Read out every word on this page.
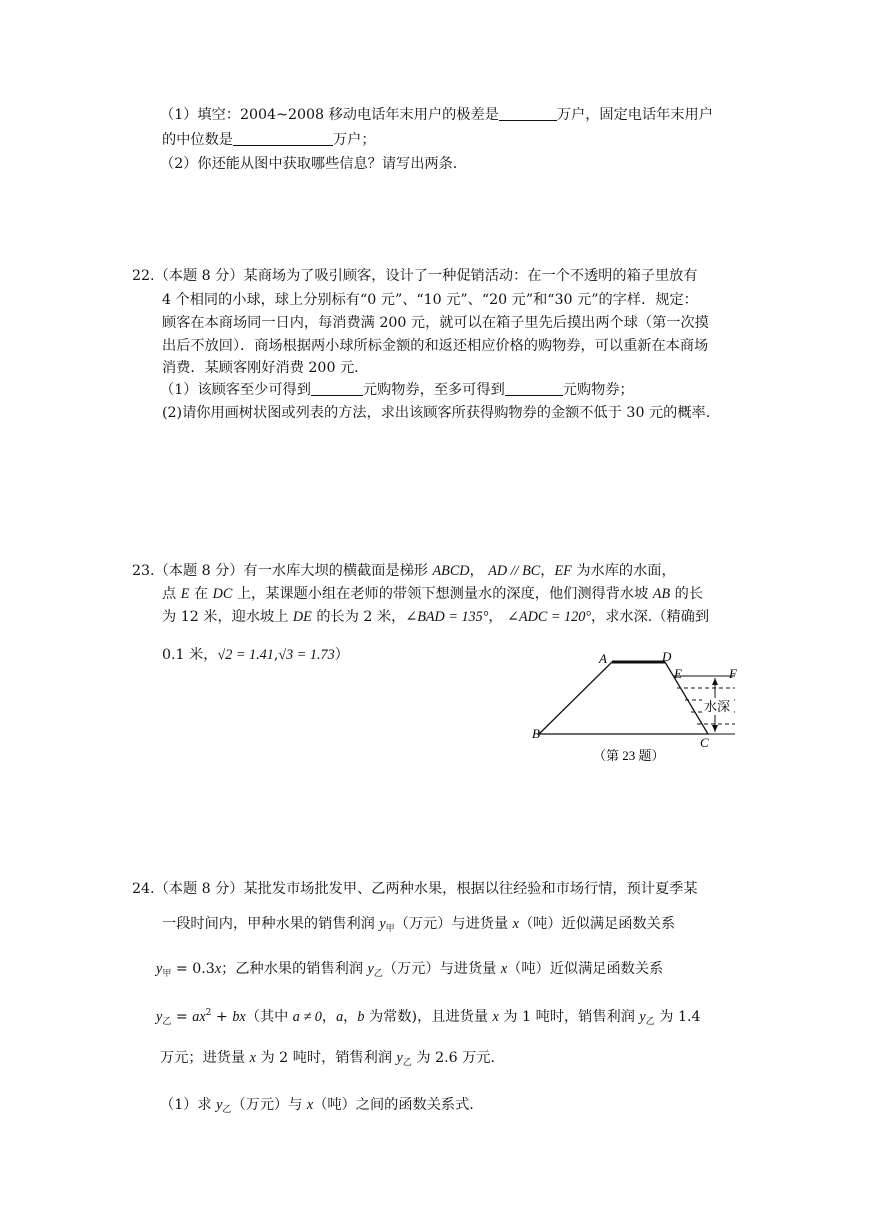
（1）填空：2004~2008 移动电话年末用户的极差是	万户，固定电话年末用户
的中位数是	万户；
（2）你还能从图中获取哪些信息？请写出两条.
22.（本题 8 分）某商场为了吸引顾客，设计了一种促销活动：在一个不透明的箱子里放有
4 个相同的小球，球上分别标有“0 元”、“10 元”、“20 元”和“30 元”的字样．规定：
顾客在本商场同一日内，每消费满 200 元，就可以在箱子里先后摸出两个球（第一次摸
出后不放回）．商场根据两小球所标金额的和返还相应价格的购物券，可以重新在本商场
消费．某顾客刚好消费 200 元.
（1）该顾客至少可得到	元购物券，至多可得到	元购物券；
(2)请你用画树状图或列表的方法，求出该顾客所获得购物券的金额不低于 30 元的概率.
23.（本题 8 分）有一水库大坝的横截面是梯形 ABCD， AD // BC，EF 为水库的水面，
点 E 在 DC 上，某课题小组在老师的带领下想测量水的深度，他们测得背水坡 AB 的长
为 12 米，迎水坡上 DE 的长为 2 米，∠BAD = 135°， ∠ADC = 120°，求水深.（精确到
0.1 米，√2 = 1.41,√3 = 1.73）
水深
A	D
E	F
B
C
（第 23 题）
24.（本题 8 分）某批发市场批发甲、乙两种水果，根据以往经验和市场行情，预计夏季某
一段时间内，甲种水果的销售利润 $y_甲$（万元）与进货量 x（吨）近似满足函数关系
$y_甲 = 0.3x$；乙种水果的销售利润 $y_乙$（万元）与进货量 x（吨）近似满足函数关系
$y_乙 = ax^2 + bx$（其中 a ≠ 0，a，b 为常数)，且进货量 x 为 1 吨时，销售利润 $y_乙$ 为 1.4
万元；进货量 x 为 2 吨时，销售利润 $y_乙$ 为 2.6 万元.
（1）求 $y_乙$（万元）与 x（吨）之间的函数关系式.
